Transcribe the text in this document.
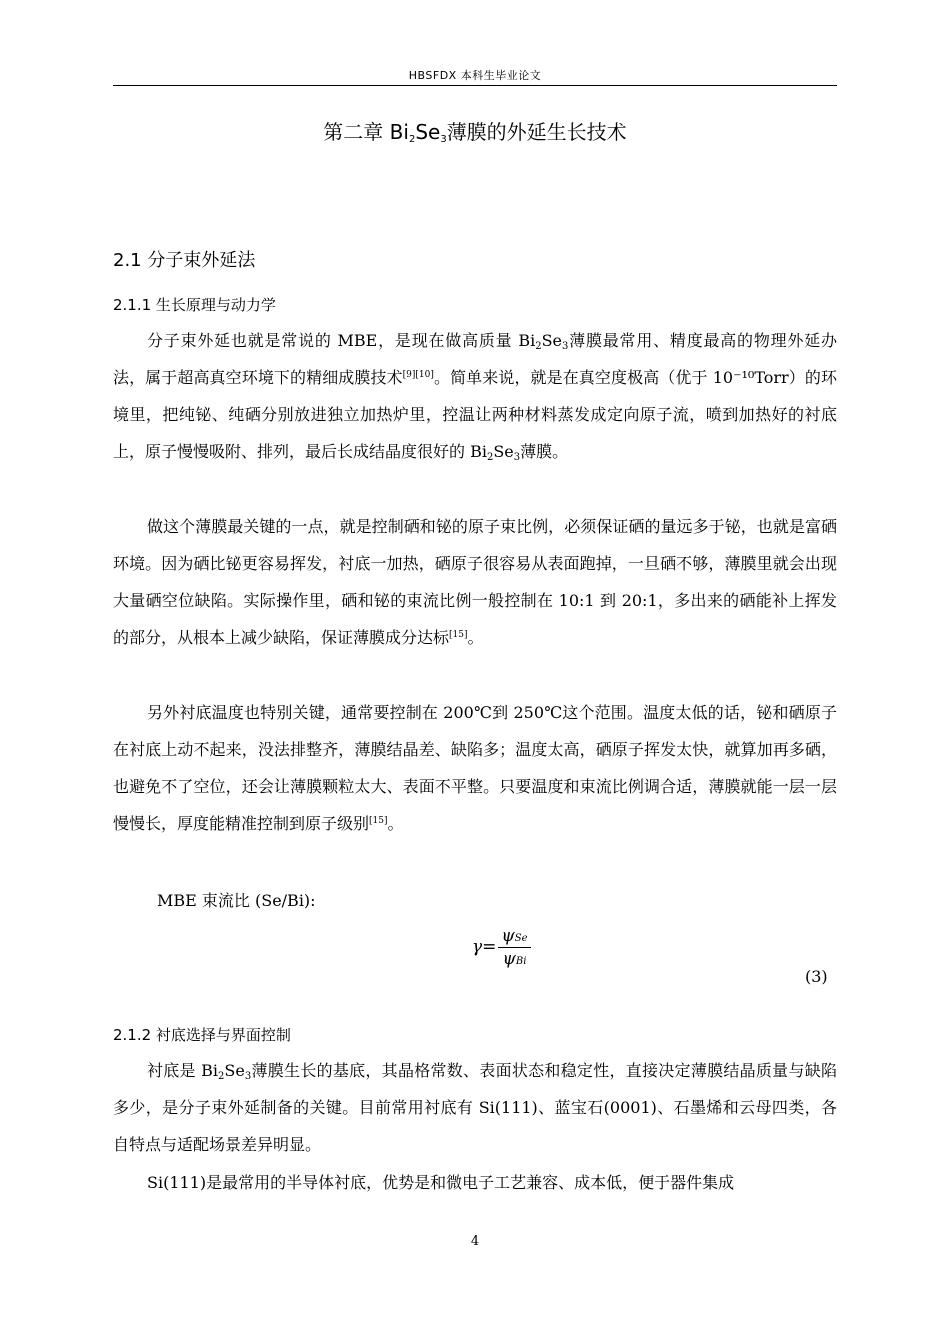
HBSFDX 本科生毕业论文
第二章 $Bi_2Se_3$薄膜的外延生长技术
2.1 分子束外延法
2.1.1 生长原理与动力学

分子束外延也就是常说的 MBE，是现在做高质量 $Bi_2Se_3$薄膜最常用、精度最高的物理外延办法，属于超高真空环境下的精细成膜技术[9][10]。简单来说，就是在真空度极高（优于 10⁻¹⁰Torr）的环境里，把纯铋、纯硒分别放进独立加热炉里，控温让两种材料蒸发成定向原子流，喷到加热好的衬底上，原子慢慢吸附、排列，最后长成结晶度很好的 $Bi_2Se_3$薄膜。

做这个薄膜最关键的一点，就是控制硒和铋的原子束比例，必须保证硒的量远多于铋，也就是富硒环境。因为硒比铋更容易挥发，衬底一加热，硒原子很容易从表面跑掉，一旦硒不够，薄膜里就会出现大量硒空位缺陷。实际操作里，硒和铋的束流比例一般控制在 10:1 到 20:1，多出来的硒能补上挥发的部分，从根本上减少缺陷，保证薄膜成分达标[15]。

另外衬底温度也特别关键，通常要控制在 200℃到 250℃这个范围。温度太低的话，铋和硒原子在衬底上动不起来，没法排整齐，薄膜结晶差、缺陷多；温度太高，硒原子挥发太快，就算加再多硒，也避免不了空位，还会让薄膜颗粒太大、表面不平整。只要温度和束流比例调合适，薄膜就能一层一层慢慢长，厚度能精准控制到原子级别[15]。

MBE 束流比 (Se/Bi):
$\gamma= \frac{\text{ψSe}}{\text{ψBi}}$
(3)
2.1.2 衬底选择与界面控制

衬底是 $Bi_2Se_3$薄膜生长的基底，其晶格常数、表面状态和稳定性，直接决定薄膜结晶质量与缺陷多少，是分子束外延制备的关键。目前常用衬底有 Si(111)、蓝宝石(0001)、石墨烯和云母四类，各自特点与适配场景差异明显。

Si(111)是最常用的半导体衬底，优势是和微电子工艺兼容、成本低，便于器件集成

4
